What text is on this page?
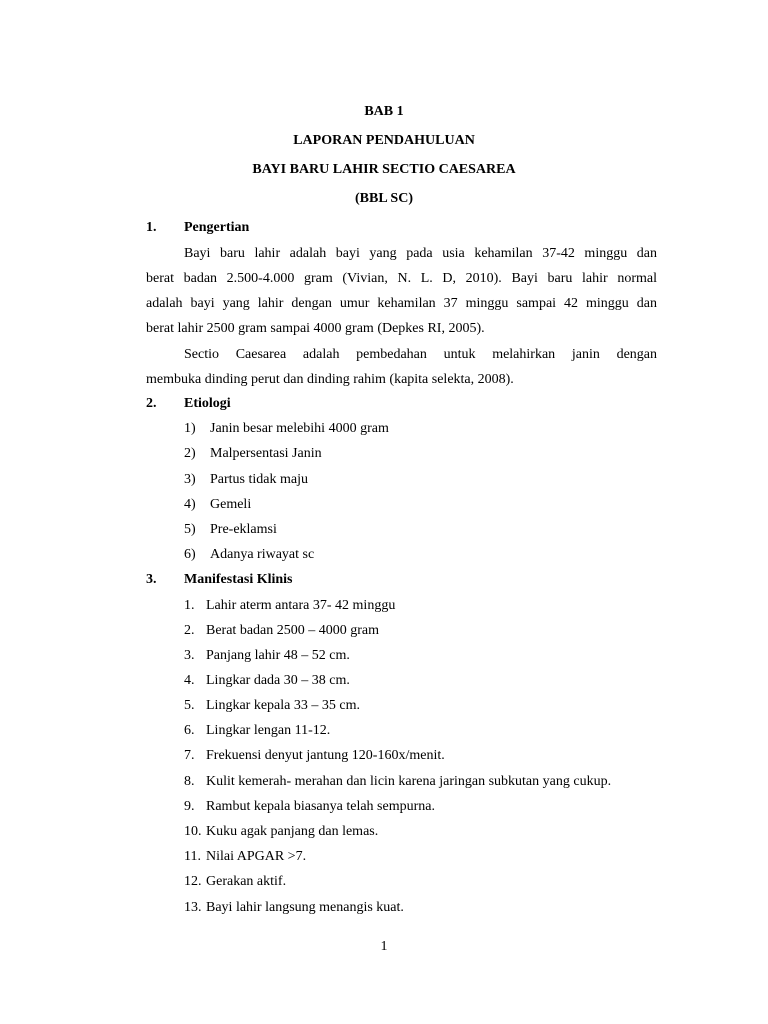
BAB 1
LAPORAN PENDAHULUAN
BAYI BARU LAHIR SECTIO CAESAREA
(BBL SC)
1. Pengertian
Bayi baru lahir adalah bayi yang pada usia kehamilan 37-42 minggu dan
berat badan 2.500-4.000 gram (Vivian, N. L. D, 2010). Bayi baru lahir normal
adalah bayi yang lahir dengan umur kehamilan 37 minggu sampai 42 minggu dan
berat lahir 2500 gram sampai 4000 gram (Depkes RI, 2005).
Sectio Caesarea adalah pembedahan untuk melahirkan janin dengan
membuka dinding perut dan dinding rahim (kapita selekta, 2008).
2. Etiologi
1) Janin besar melebihi 4000 gram
2) Malpersentasi Janin
3) Partus tidak maju
4) Gemeli
5) Pre-eklamsi
6) Adanya riwayat sc
3. Manifestasi Klinis
1. Lahir aterm antara 37- 42 minggu
2. Berat badan 2500 – 4000 gram
3. Panjang lahir 48 – 52 cm.
4. Lingkar dada 30 – 38 cm.
5. Lingkar kepala 33 – 35 cm.
6. Lingkar lengan 11-12.
7. Frekuensi denyut jantung 120-160x/menit.
8. Kulit kemerah- merahan dan licin karena jaringan subkutan yang cukup.
9. Rambut kepala biasanya telah sempurna.
10. Kuku agak panjang dan lemas.
11. Nilai APGAR >7.
12. Gerakan aktif.
13. Bayi lahir langsung menangis kuat.
1
